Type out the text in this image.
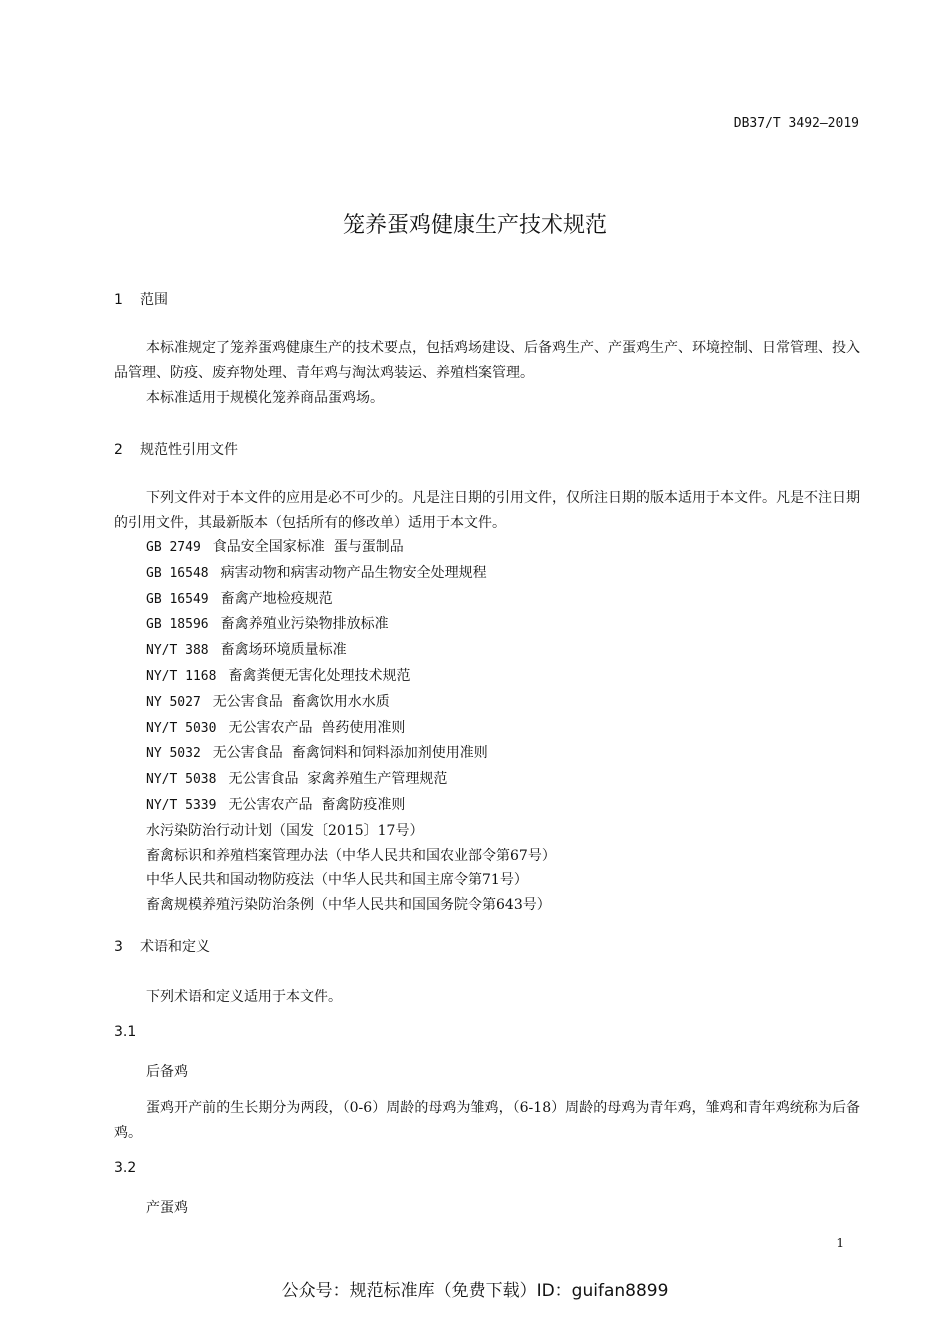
DB37/T 3492—2019
笼养蛋鸡健康生产技术规范
1 范围
本标准规定了笼养蛋鸡健康生产的技术要点，包括鸡场建设、后备鸡生产、产蛋鸡生产、环境控制、日常管理、投入品管理、防疫、废弃物处理、青年鸡与淘汰鸡装运、养殖档案管理。
本标准适用于规模化笼养商品蛋鸡场。
2 规范性引用文件
下列文件对于本文件的应用是必不可少的。凡是注日期的引用文件，仅所注日期的版本适用于本文件。凡是不注日期的引用文件，其最新版本（包括所有的修改单）适用于本文件。
GB 2749 食品安全国家标准  蛋与蛋制品
GB 16548 病害动物和病害动物产品生物安全处理规程
GB 16549 畜禽产地检疫规范
GB 18596 畜禽养殖业污染物排放标准
NY/T 388 畜禽场环境质量标准
NY/T 1168 畜禽粪便无害化处理技术规范
NY 5027 无公害食品  畜禽饮用水水质
NY/T 5030 无公害农产品  兽药使用准则
NY 5032 无公害食品  畜禽饲料和饲料添加剂使用准则
NY/T 5038 无公害食品  家禽养殖生产管理规范
NY/T 5339 无公害农产品  畜禽防疫准则
水污染防治行动计划（国发〔2015〕17号）
畜禽标识和养殖档案管理办法（中华人民共和国农业部令第67号）
中华人民共和国动物防疫法（中华人民共和国主席令第71号）
畜禽规模养殖污染防治条例（中华人民共和国国务院令第643号）
3 术语和定义
下列术语和定义适用于本文件。
3.1
后备鸡
蛋鸡开产前的生长期分为两段，（0-6）周龄的母鸡为雏鸡，（6-18）周龄的母鸡为青年鸡，雏鸡和青年鸡统称为后备鸡。
3.2
产蛋鸡
1
公众号：规范标准库（免费下载）ID：guifan8899
